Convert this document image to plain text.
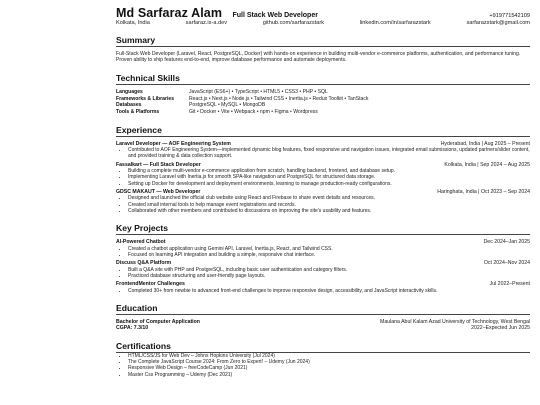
Md Sarfaraz Alam Full Stack Web Developer	+919771542109
Kolkata, India	sarfaraz.is-a.dev	github.com/sarfarazstark	linkedin.com/in/sarfarazstark	sarfarazstark@gmail.com
Summary
Full-Stack Web Developer (Laravel, React, PostgreSQL, Docker) with hands-on experience in building multi-vendor e-commerce platforms, authentication, and performance tuning. Proven ability to ship features end-to-end, improve database performance and automate deployments.
Technical Skills
Languages	JavaScript (ES6+) • TypeScript • HTML5 • CSS3 • PHP • SQL
Frameworks & Libraries	React.js • Next.js • Node.js • Tailwind CSS • Inertia.js • Redux Toolkit • TanStack
Databases	PostgreSQL • MySQL • MongoDB
Tools & Platforms	Git • Docker • Vite • Webpack • npm • Figma • Wordpress
Experience
Laravel Developer — AOF Engineering System	Hyderabad, India | Aug 2025 – Present
• Contributed to AOF Engineering System—implemented dynamic blog features, fixed responsive and navigation issues, integrated email submissions, updated partners/slider content, and provided training & data collection support.
Fassalkart — Full Stack Developer	Kolkata, India | Sep 2024 – Aug 2025
• Building a complete multi-vendor e-commerce application from scratch, handling backend, frontend, and database setup.
• Implementing Laravel with Inertia.js for smooth SPA-like navigation and PostgreSQL for structured data storage.
• Setting up Docker for development and deployment environments, learning to manage production-ready configurations.
GDSC MAKAUT — Web Developer	Haringhata, India | Oct 2023 – Sep 2024
• Designed and launched the official club website using React and Firebase to share event details and resources.
• Created small internal tools to help manage event registrations and records.
• Collaborated with other members and contributed to discussions on improving the site's usability and features.
Key Projects
AI-Powered Chatbot	Dec 2024–Jan 2025
• Created a chatbot application using Gemini API, Laravel, Inertia.js, React, and Tailwind CSS.
• Focused on learning API integration and building a simple, responsive chat interface.
Discuss Q&A Platform	Oct 2024–Nov 2024
• Built a Q&A site with PHP and PostgreSQL, including basic user authentication and category filters.
• Practiced database structuring and user-friendly page layouts.
FrontendMentor Challenges	Jul 2022–Present
• Completed 30+ from newbie to advanced front-end challenges to improve responsive design, accessibility, and JavaScript interactivity skills.
Education
Bachelor of Computer Application	Maulana Abul Kalam Azad University of Technology, West Bengal
CGPA: 7.3/10	2022–Expected Jun 2025
Certifications
• HTML/CSS/JS for Web Dev – Johns Hopkins University (Jul 2024)
• The Complete JavaScript Course 2024: From Zero to Expert! – Udemy (Jun 2024)
• Responsive Web Design – freeCodeCamp (Jun 2021)
• Master Css Programming – Udemy (Dec 2021)
